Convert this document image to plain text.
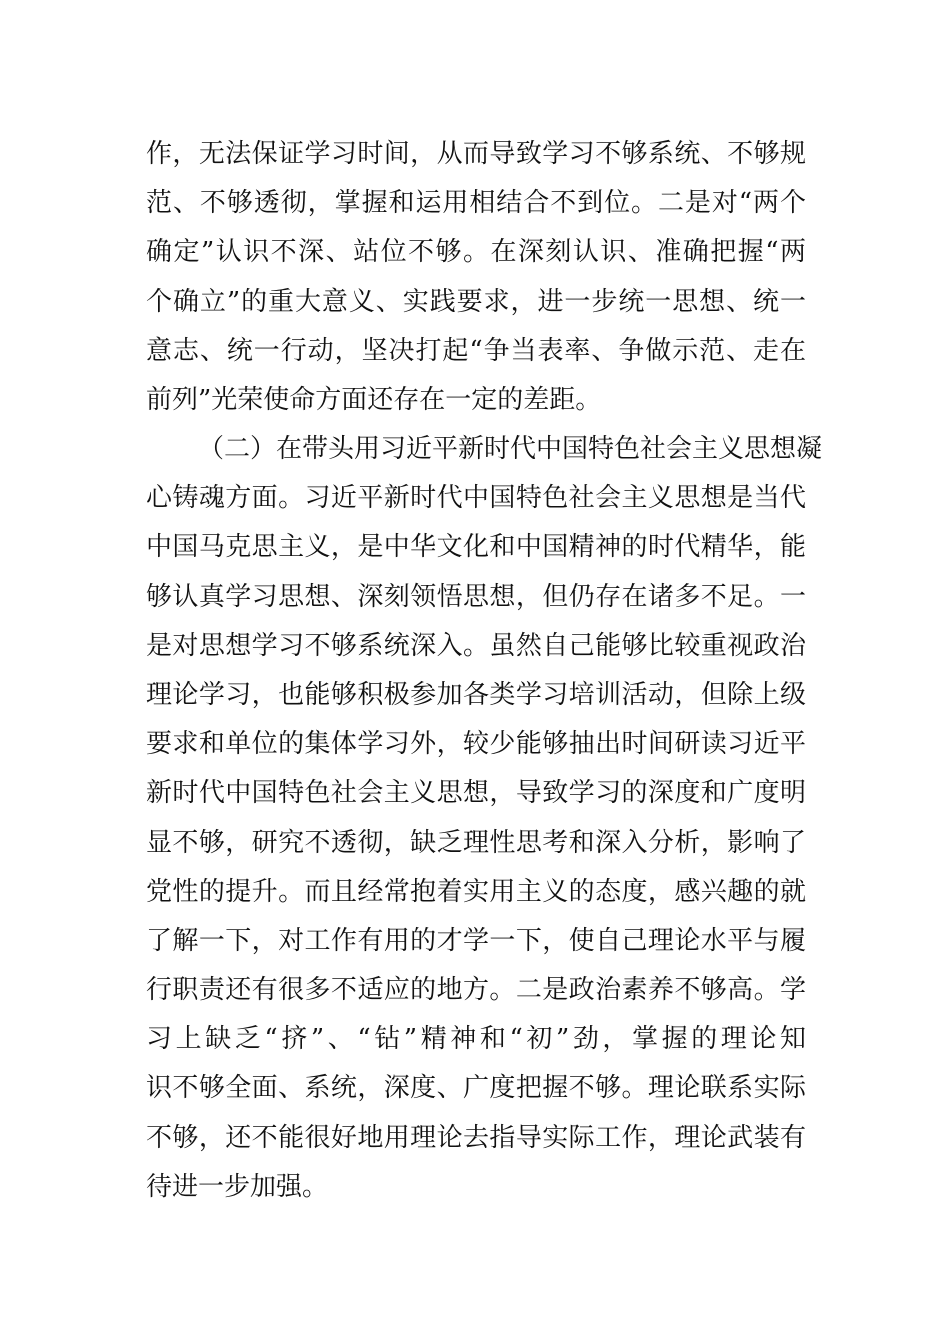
作，无法保证学习时间，从而导致学习不够系统、不够规
范、不够透彻，掌握和运用相结合不到位。二是对“两个
确定”认识不深、站位不够。在深刻认识、准确把握“两
个确立”的重大意义、实践要求，进一步统一思想、统一
意志、统一行动，坚决打起“争当表率、争做示范、走在
前列”光荣使命方面还存在一定的差距。
（二）在带头用习近平新时代中国特色社会主义思想凝
心铸魂方面。习近平新时代中国特色社会主义思想是当代
中国马克思主义，是中华文化和中国精神的时代精华，能
够认真学习思想、深刻领悟思想，但仍存在诸多不足。一
是对思想学习不够系统深入。虽然自己能够比较重视政治
理论学习，也能够积极参加各类学习培训活动，但除上级
要求和单位的集体学习外，较少能够抽出时间研读习近平
新时代中国特色社会主义思想，导致学习的深度和广度明
显不够，研究不透彻，缺乏理性思考和深入分析，影响了
党性的提升。而且经常抱着实用主义的态度，感兴趣的就
了解一下，对工作有用的才学一下，使自己理论水平与履
行职责还有很多不适应的地方。二是政治素养不够高。学
习上缺乏“挤”、“钻”精神和“初”劲，掌握的理论知
识不够全面、系统，深度、广度把握不够。理论联系实际
不够，还不能很好地用理论去指导实际工作，理论武装有
待进一步加强。
